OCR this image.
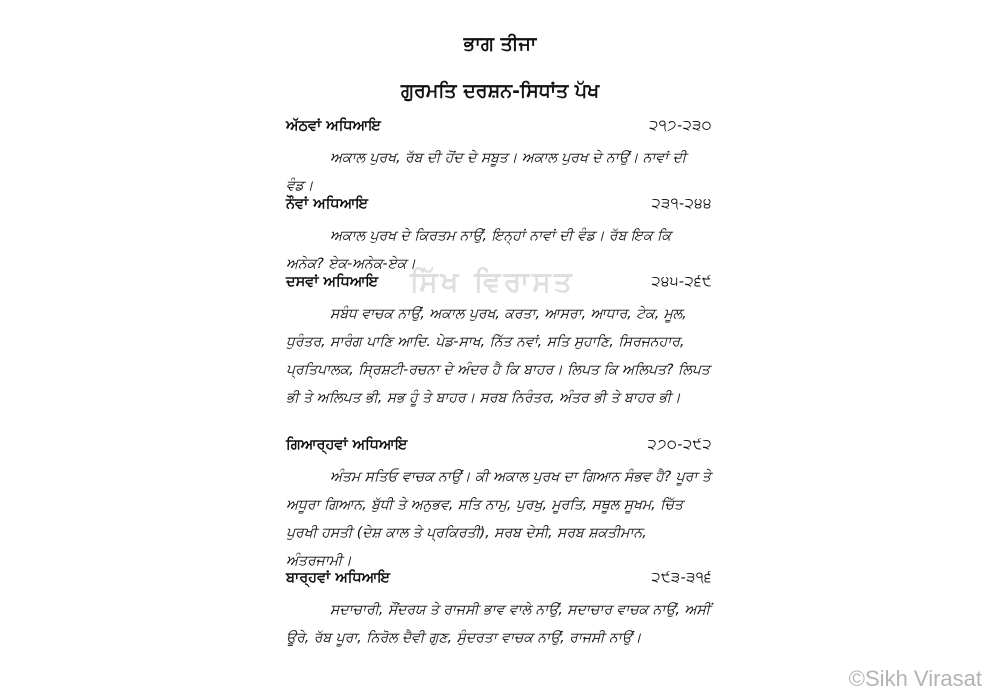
ਭਾਗ ਤੀਜਾ
ਗੁਰਮਤਿ ਦਰਸ਼ਨ-ਸਿਧਾਂਤ ਪੱਖ
ਅੱਠਵਾਂ ਅਧਿਆਇ	੨੧੭-੨੩੦

ਅਕਾਲ ਪੁਰਖ, ਰੱਬ ਦੀ ਹੋਂਦ ਦੇ ਸਬੂਤ। ਅਕਾਲ ਪੁਰਖ ਦੇ ਨਾਉਂ। ਨਾਵਾਂ ਦੀ ਵੰਡ।

ਨੌਵਾਂ ਅਧਿਆਇ	੨੩੧-੨੪੪

ਅਕਾਲ ਪੁਰਖ ਦੇ ਕਿਰਤਮ ਨਾਉਂ, ਇਨ੍ਹਾਂ ਨਾਵਾਂ ਦੀ ਵੰਡ। ਰੱਬ ਇਕ ਕਿ ਅਨੇਕ? ਏਕ-ਅਨੇਕ-ਏਕ।

ਦਸਵਾਂ ਅਧਿਆਇ	੨੪੫-੨੬੯

ਸਬੰਧ ਵਾਚਕ ਨਾਉਂ, ਅਕਾਲ ਪੁਰਖ, ਕਰਤਾ, ਆਸਰਾ, ਆਧਾਰ, ਟੇਕ, ਮੂਲ, ਧੁਰੰਤਰ, ਸਾਰੰਗ ਪਾਣਿ ਆਦਿ. ਪੇਡ-ਸਾਖ, ਨਿੱਤ ਨਵਾਂ, ਸਤਿ ਸੁਹਾਣਿ, ਸਿਰਜਨਹਾਰ, ਪ੍ਰਤਿਪਾਲਕ, ਸ੍ਰਿਸ਼ਟੀ-ਰਚਨਾ ਦੇ ਅੰਦਰ ਹੈ ਕਿ ਬਾਹਰ। ਲਿਪਤ ਕਿ ਅਲਿਪਤ? ਲਿਪਤ ਭੀ ਤੇ ਅਲਿਪਤ ਭੀ, ਸਭ ਹੂੰ ਤੇ ਬਾਹਰ। ਸਰਬ ਨਿਰੰਤਰ, ਅੰਤਰ ਭੀ ਤੇ ਬਾਹਰ ਭੀ।

ਗਿਆਰ੍ਹਵਾਂ ਅਧਿਆਇ	੨੭੦-੨੯੨

ਅੰਤਮ ਸਤਿਓ ਵਾਚਕ ਨਾਉਂ। ਕੀ ਅਕਾਲ ਪੁਰਖ ਦਾ ਗਿਆਨ ਸੰਭਵ ਹੈ? ਪੂਰਾ ਤੇ ਅਧੂਰਾ ਗਿਆਨ, ਬੁੱਧੀ ਤੇ ਅਨੁਭਵ, ਸਤਿ ਨਾਮੁ, ਪੁਰਖੁ, ਮੂਰਤਿ, ਸਥੂਲ ਸੂਖਮ, ਚਿੱਤ ਪੁਰਖੀ ਹਸਤੀ (ਦੇਸ਼ ਕਾਲ ਤੇ ਪ੍ਰਕਿਰਤੀ), ਸਰਬ ਦੇਸੀ, ਸਰਬ ਸ਼ਕਤੀਮਾਨ, ਅੰਤਰਜਾਮੀ।

ਬਾਰ੍ਹਵਾਂ ਅਧਿਆਇ	੨੯੩-੩੧੬

ਸਦਾਚਾਰੀ, ਸੌਂਦਰਯ ਤੇ ਰਾਜਸੀ ਭਾਵ ਵਾਲੇ ਨਾਉਂ, ਸਦਾਚਾਰ ਵਾਚਕ ਨਾਉਂ, ਅਸੀਂ ਊਰੇ, ਰੱਬ ਪੂਰਾ, ਨਿਰੋਲ ਦੈਵੀ ਗੁਣ, ਸੁੰਦਰਤਾ ਵਾਚਕ ਨਾਉਂ, ਰਾਜਸੀ ਨਾਉਂ।

ਸਿੱਖ ਵਿਰਾਸਤ
©Sikh Virasat
